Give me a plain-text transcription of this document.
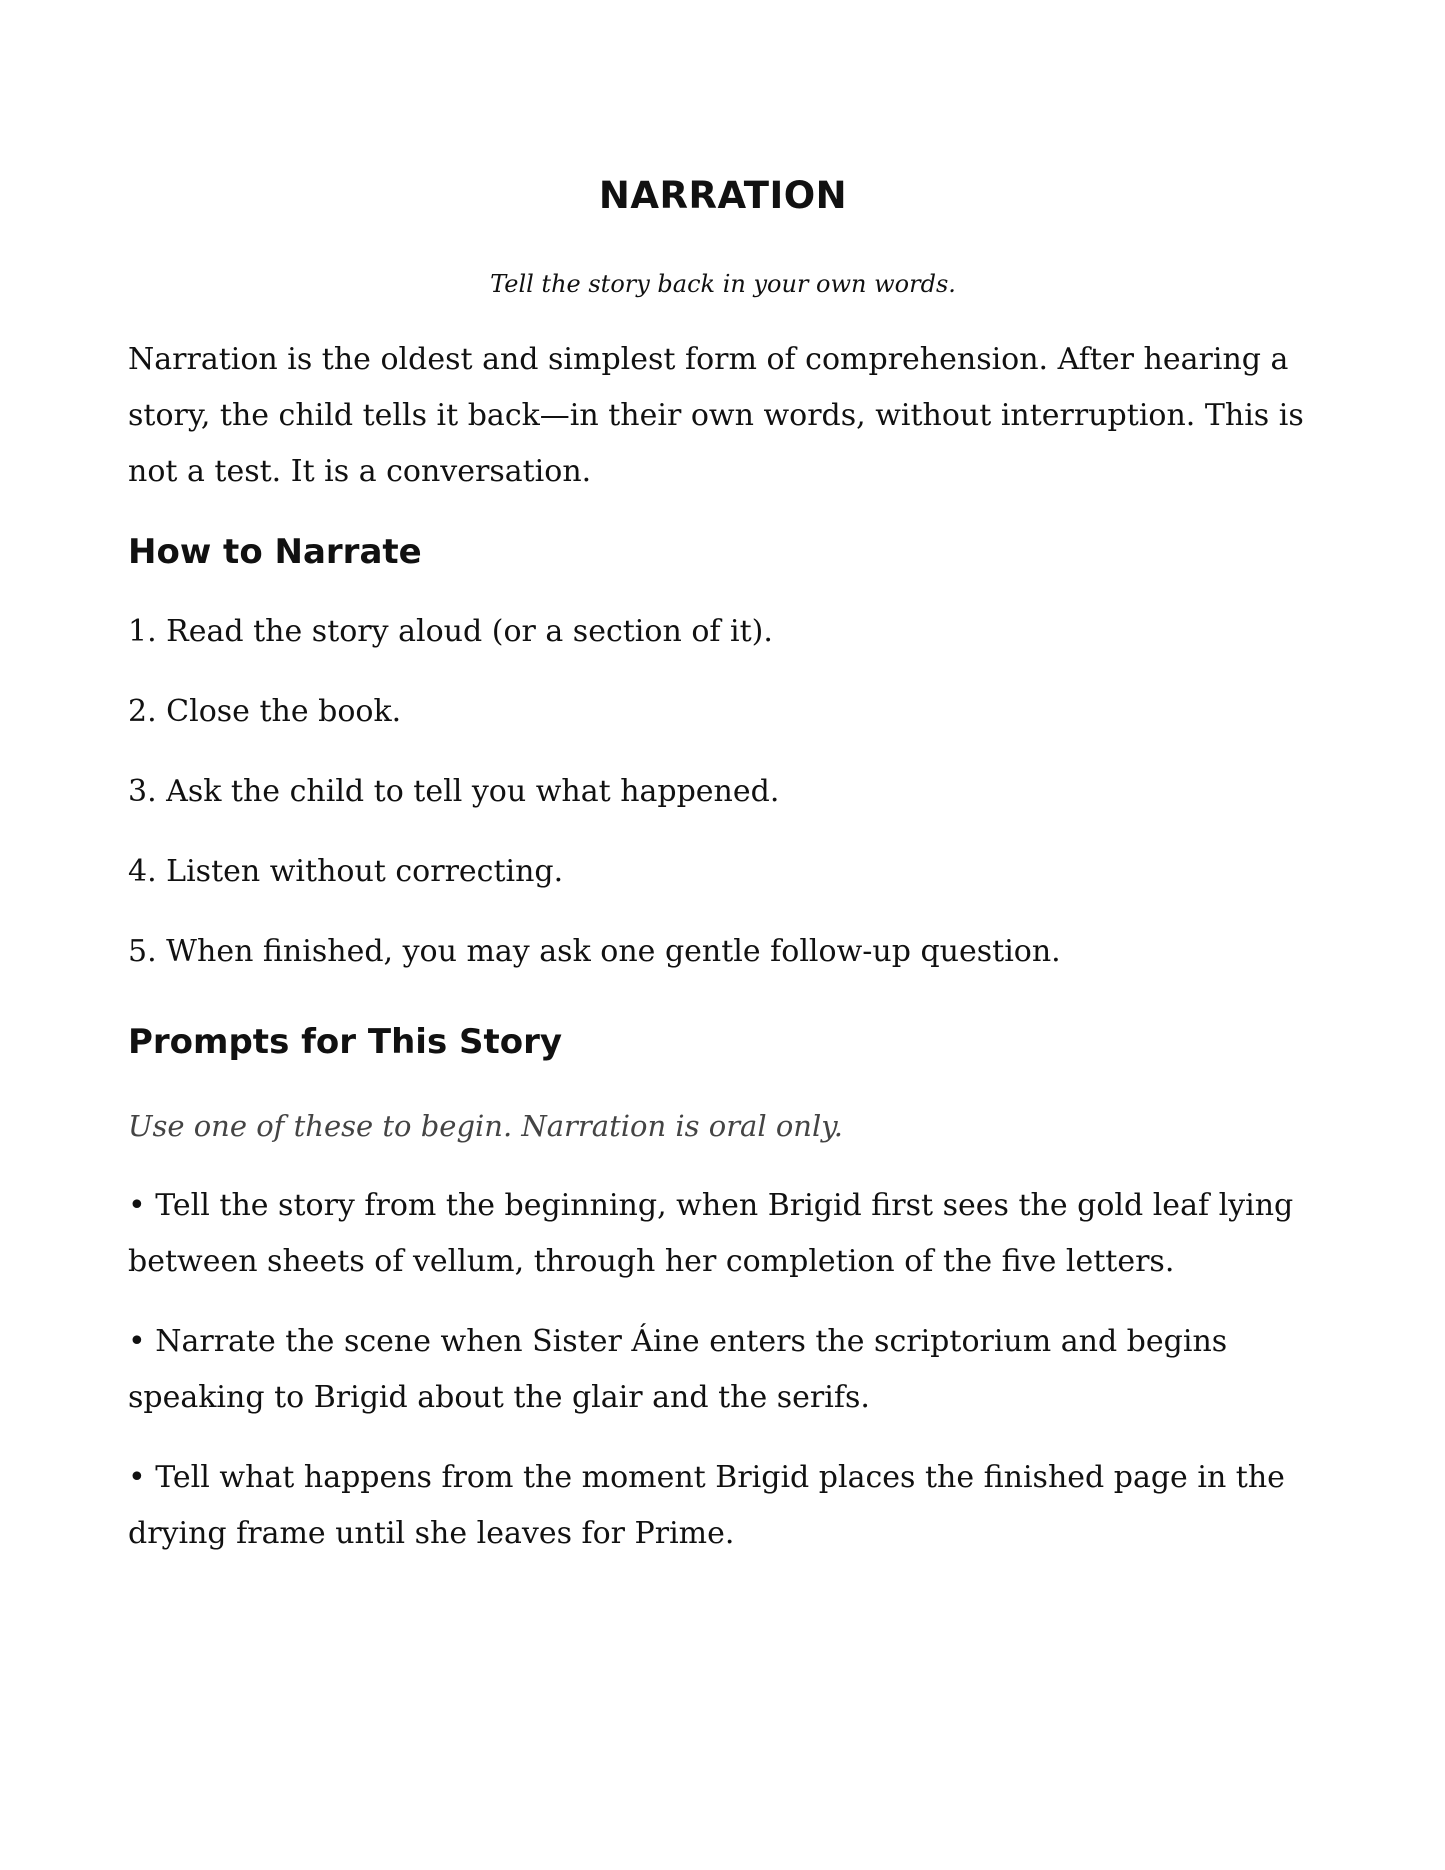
NARRATION

Tell the story back in your own words.

Narration is the oldest and simplest form of comprehension. After hearing a story, the child tells it back—in their own words, without interruption. This is not a test. It is a conversation.

How to Narrate
1. Read the story aloud (or a section of it).
2. Close the book.
3. Ask the child to tell you what happened.
4. Listen without correcting.
5. When finished, you may ask one gentle follow-up question.
Prompts for This Story

Use one of these to begin. Narration is oral only.

• Tell the story from the beginning, when Brigid first sees the gold leaf lying between sheets of vellum, through her completion of the five letters.
• Narrate the scene when Sister Áine enters the scriptorium and begins speaking to Brigid about the glair and the serifs.
• Tell what happens from the moment Brigid places the finished page in the drying frame until she leaves for Prime.
